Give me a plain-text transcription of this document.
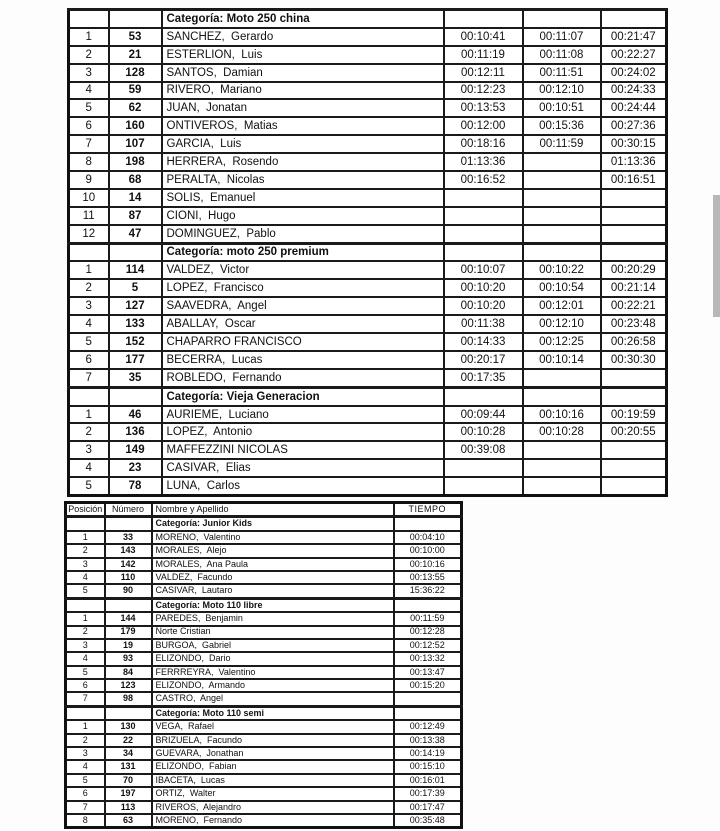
		Categoría: Moto 250 china			
1	53	SANCHEZ,  Gerardo	00:10:41	00:11:07	00:21:47
2	21	ESTERLION,  Luis	00:11:19	00:11:08	00:22:27
3	128	SANTOS,  Damian	00:12:11	00:11:51	00:24:02
4	59	RIVERO,  Mariano	00:12:23	00:12:10	00:24:33
5	62	JUAN,  Jonatan	00:13:53	00:10:51	00:24:44
6	160	ONTIVEROS,  Matias	00:12:00	00:15:36	00:27:36
7	107	GARCIA,  Luis	00:18:16	00:11:59	00:30:15
8	198	HERRERA,  Rosendo	01:13:36		01:13:36
9	68	PERALTA,  Nicolas	00:16:52		00:16:51
10	14	SOLIS,  Emanuel			
11	87	CIONI,  Hugo			
12	47	DOMINGUEZ,  Pablo			
		Categoría: moto 250 premium			
1	114	VALDEZ,  Victor	00:10:07	00:10:22	00:20:29
2	5	LOPEZ,  Francisco	00:10:20	00:10:54	00:21:14
3	127	SAAVEDRA,  Angel	00:10:20	00:12:01	00:22:21
4	133	ABALLAY,  Oscar	00:11:38	00:12:10	00:23:48
5	152	CHAPARRO FRANCISCO	00:14:33	00:12:25	00:26:58
6	177	BECERRA,  Lucas	00:20:17	00:10:14	00:30:30
7	35	ROBLEDO,  Fernando	00:17:35		
		Categoría: Vieja Generacion			
1	46	AURIEME,  Luciano	00:09:44	00:10:16	00:19:59
2	136	LOPEZ,  Antonio	00:10:28	00:10:28	00:20:55
3	149	MAFFEZZINI NICOLAS	00:39:08		
4	23	CASIVAR,  Elias			
5	78	LUNA,  Carlos			
Posición	Número	Nombre y Apellido	TIEMPO
		Categoría: Junior Kids	
1	33	MORENO,  Valentino	00:04:10
2	143	MORALES,  Alejo	00:10:00
3	142	MORALES,  Ana Paula	00:10:16
4	110	VALDEZ,  Facundo	00:13:55
5	90	CASIVAR,  Lautaro	15:36:22
		Categoría: Moto 110 libre	
1	144	PAREDES,  Benjamin	00:11:59
2	179	Norte Cristian	00:12:28
3	19	BURGOA,  Gabriel	00:12:52
4	93	ELIZONDO,  Dario	00:13:32
5	84	FERRREYRA,  Valentino	00:13:47
6	123	ELIZONDO,  Armando	00:15:20
7	98	CASTRO,  Angel	
		Categoría: Moto 110 semi	
1	130	VEGA,  Rafael	00:12:49
2	22	BRIZUELA,  Facundo	00:13:38
3	34	GUEVARA,  Jonathan	00:14:19
4	131	ELIZONDO,  Fabian	00:15:10
5	70	IBACETA,  Lucas	00:16:01
6	197	ORTIZ,  Walter	00:17:39
7	113	RIVEROS,  Alejandro	00:17:47
8	63	MORENO,  Fernando	00:35:48
